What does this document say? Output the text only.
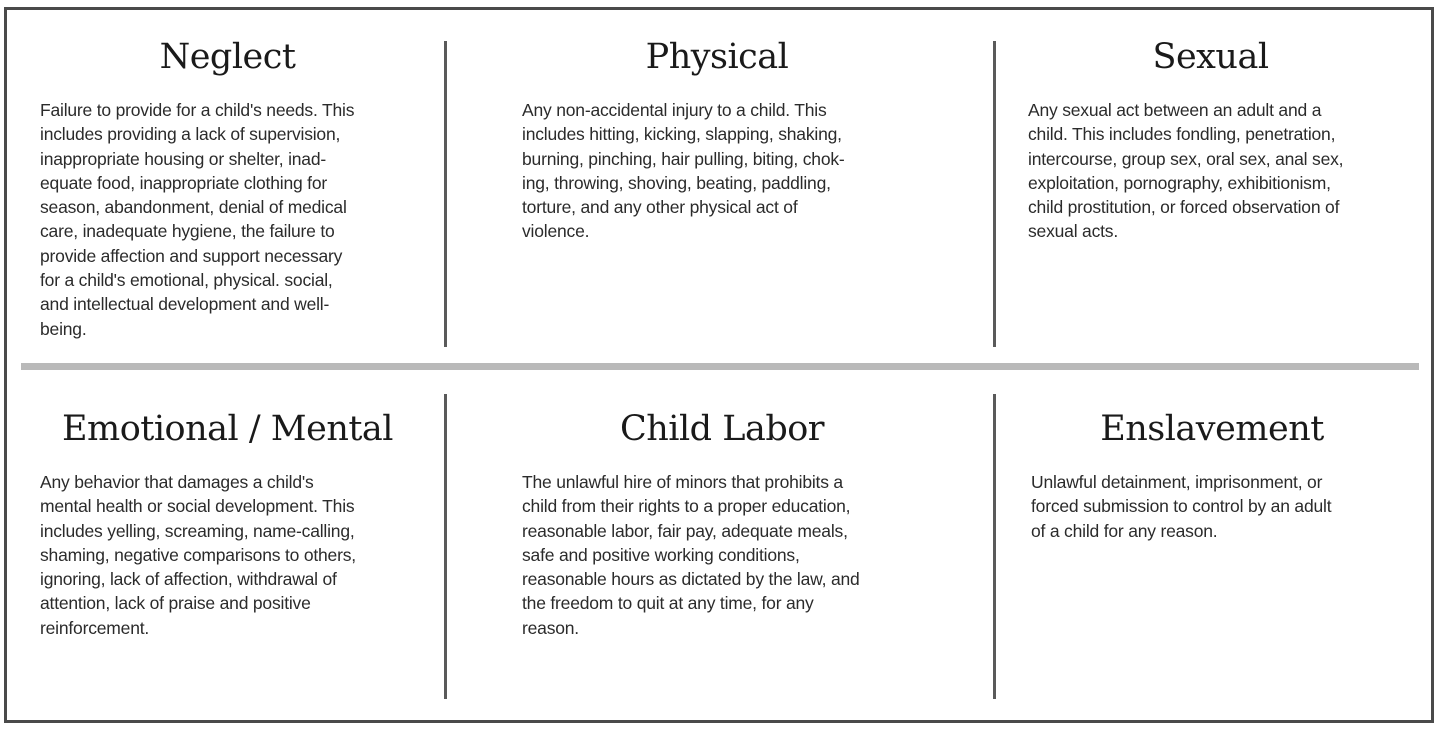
Neglect

Failure to provide for a child's needs. This
includes providing a lack of supervision,
inappropriate housing or shelter, inad-
equate food, inappropriate clothing for
season, abandonment, denial of medical
care, inadequate hygiene, the failure to
provide affection and support necessary
for a child's emotional, physical. social,
and intellectual development and well-
being.

Physical

Any non-accidental injury to a child. This
includes hitting, kicking, slapping, shaking,
burning, pinching, hair pulling, biting, chok-
ing, throwing, shoving, beating, paddling,
torture, and any other physical act of
violence.

Sexual

Any sexual act between an adult and a
child. This includes fondling, penetration,
intercourse, group sex, oral sex, anal sex,
exploitation, pornography, exhibitionism,
child prostitution, or forced observation of
sexual acts.

Emotional / Mental

Any behavior that damages a child's
mental health or social development. This
includes yelling, screaming, name-calling,
shaming, negative comparisons to others,
ignoring, lack of affection, withdrawal of
attention, lack of praise and positive
reinforcement.

Child Labor

The unlawful hire of minors that prohibits a
child from their rights to a proper education,
reasonable labor, fair pay, adequate meals,
safe and positive working conditions,
reasonable hours as dictated by the law, and
the freedom to quit at any time, for any
reason.

Enslavement

Unlawful detainment, imprisonment, or
forced submission to control by an adult
of a child for any reason.
